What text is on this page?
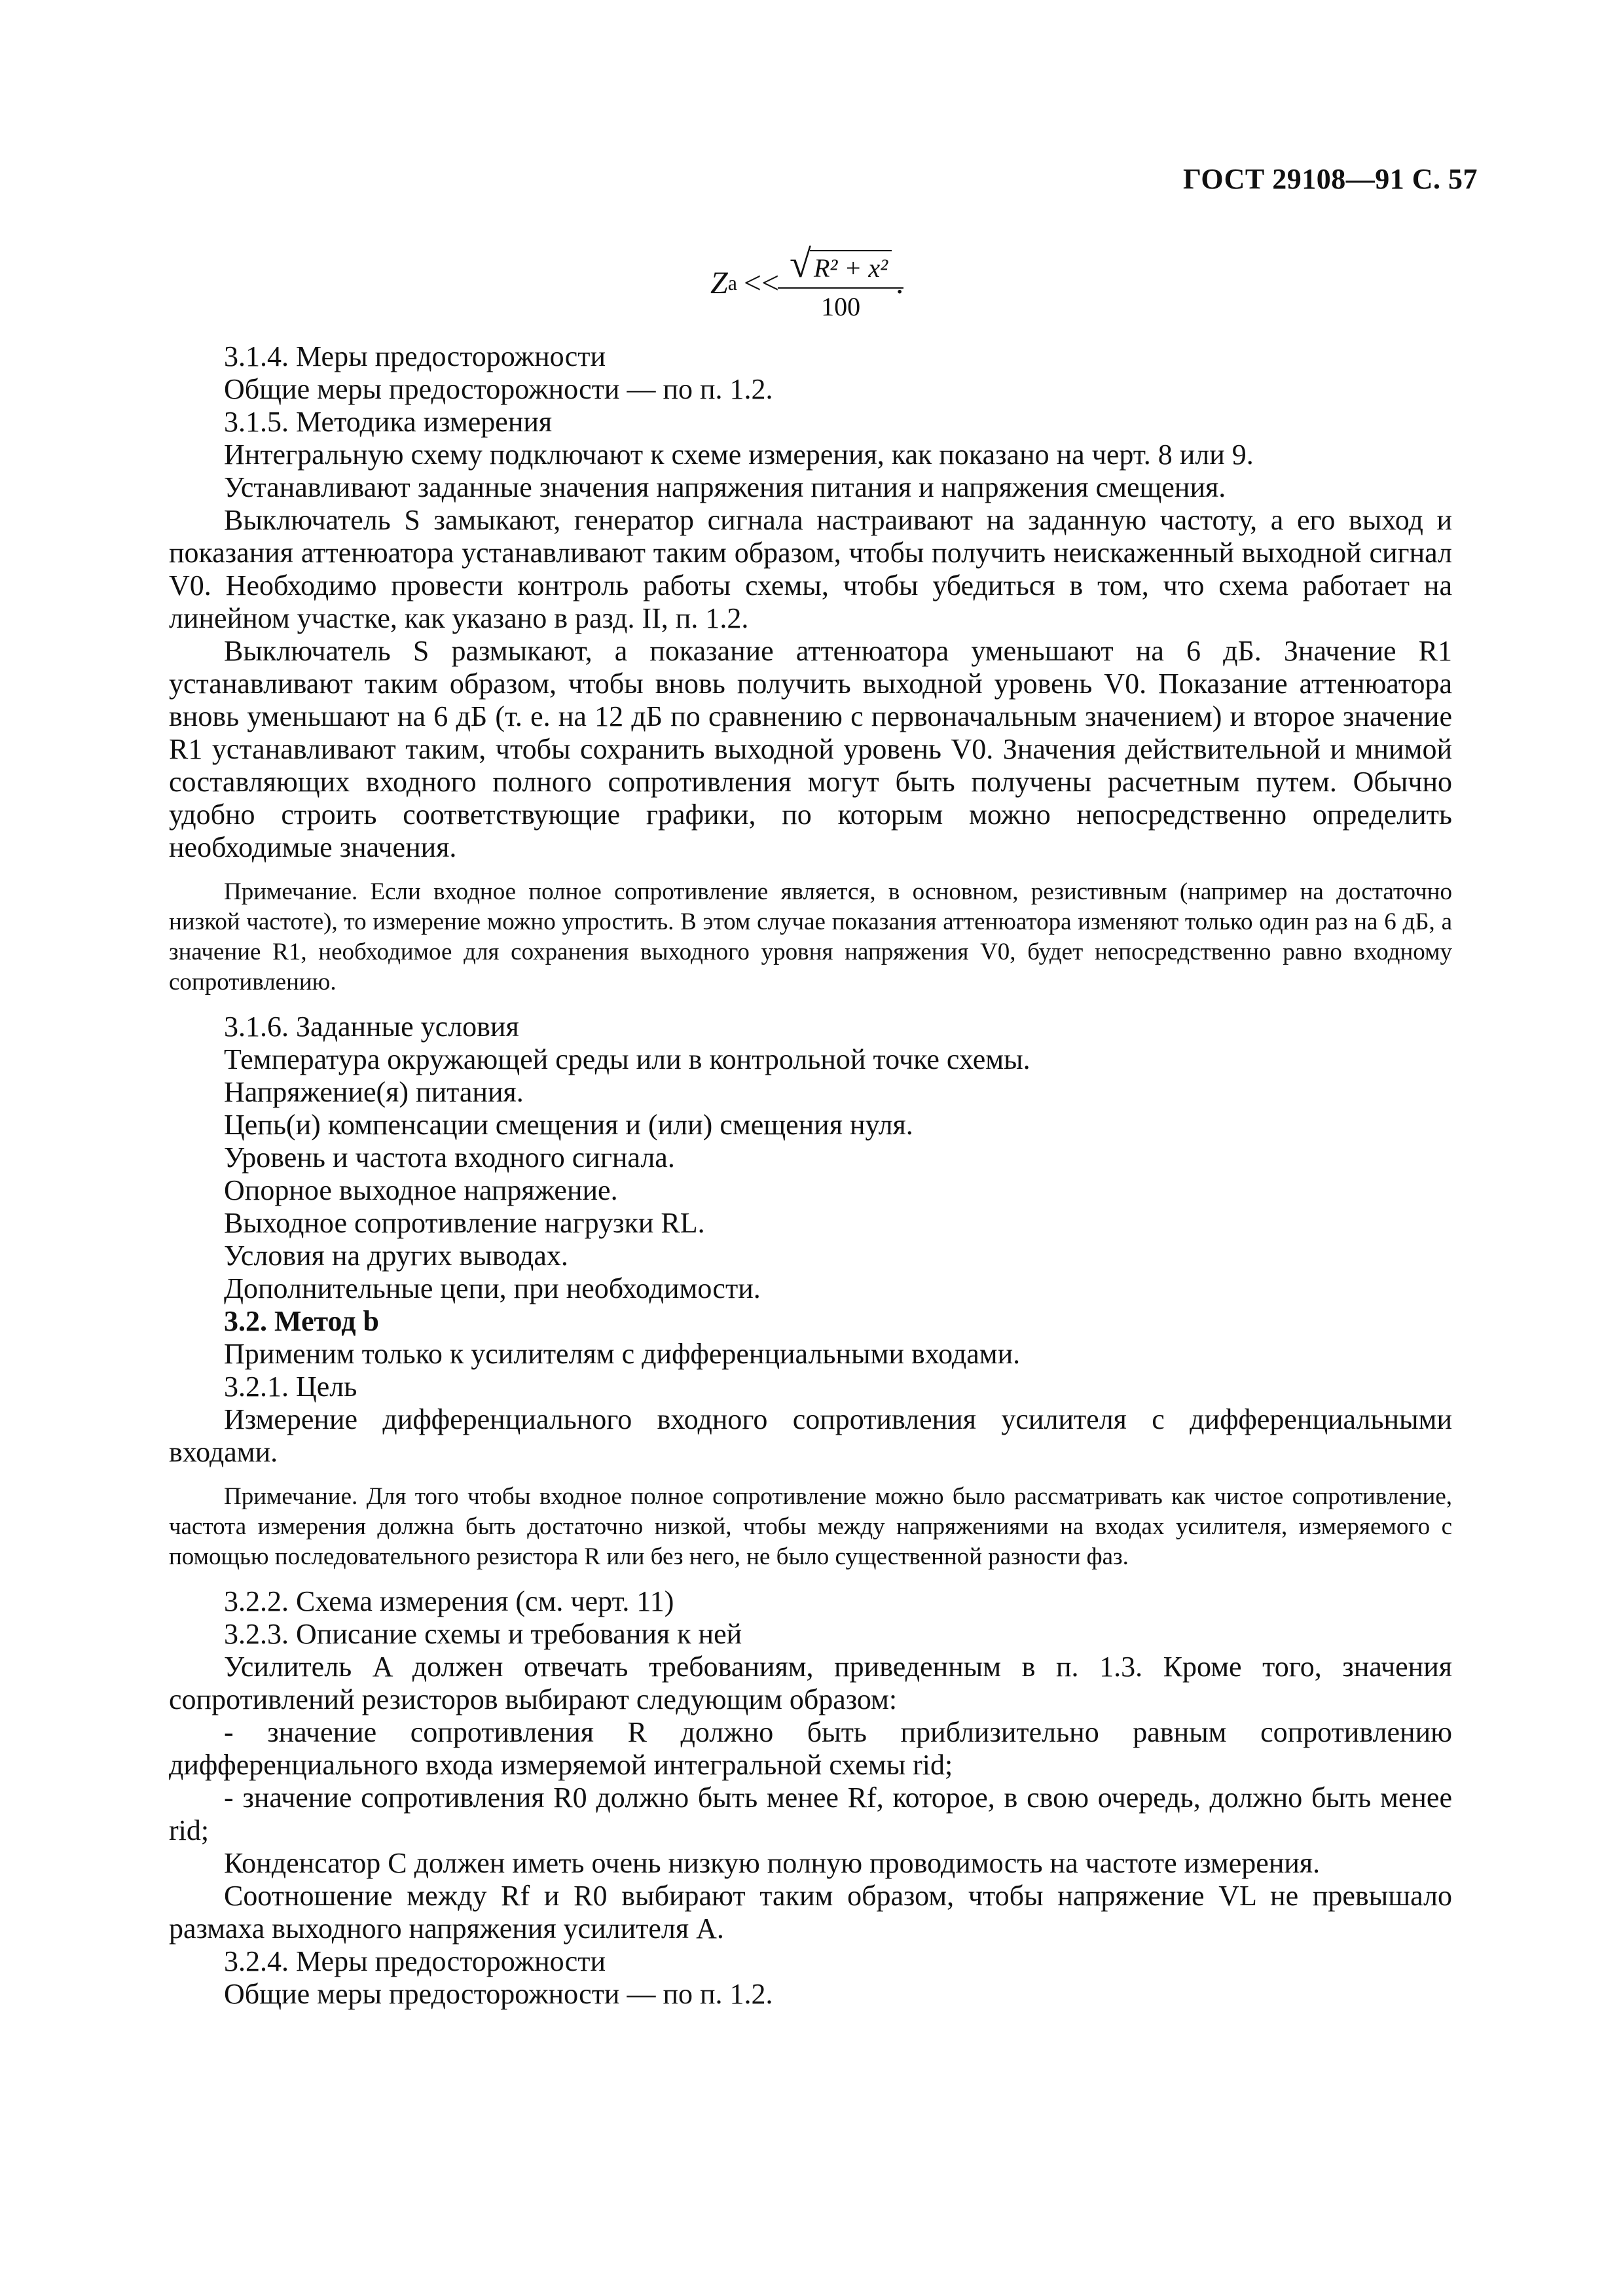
ГОСТ 29108—91 С. 57
Z $а << \frac{\text{√ R² + x²}}{100}$ .

3.1.4. Меры предосторожности

Общие меры предосторожности — по п. 1.2.

3.1.5. Методика измерения

Интегральную схему подключают к схеме измерения, как показано на черт. 8 или 9.

Устанавливают заданные значения напряжения питания и напряжения смещения.

Выключатель S замыкают, генератор сигнала настраивают на заданную частоту, а его выход и показания аттенюатора устанавливают таким образом, чтобы получить неискаженный выходной сигнал V0. Необходимо провести контроль работы схемы, чтобы убедиться в том, что схема работает на линейном участке, как указано в разд. II, п. 1.2.

Выключатель S размыкают, а показание аттенюатора уменьшают на 6 дБ. Значение R1 устанавливают таким образом, чтобы вновь получить выходной уровень V0. Показание аттенюатора вновь уменьшают на 6 дБ (т. е. на 12 дБ по сравнению с первоначальным значением) и второе значение R1 устанавливают таким, чтобы сохранить выходной уровень V0. Значения действительной и мнимой составляющих входного полного сопротивления могут быть получены расчетным путем. Обычно удобно строить соответствующие графики, по которым можно непосредственно определить необходимые значения.

Примечание. Если входное полное сопротивление является, в основном, резистивным (например на достаточно низкой частоте), то измерение можно упростить. В этом случае показания аттенюатора изменяют только один раз на 6 дБ, а значение R1, необходимое для сохранения выходного уровня напряжения V0, будет непосредственно равно входному сопротивлению.

3.1.6. Заданные условия

Температура окружающей среды или в контрольной точке схемы.

Напряжение(я) питания.

Цепь(и) компенсации смещения и (или) смещения нуля.

Уровень и частота входного сигнала.

Опорное выходное напряжение.

Выходное сопротивление нагрузки RL.

Условия на других выводах.

Дополнительные цепи, при необходимости.

3.2. Метод b

Применим только к усилителям с дифференциальными входами.

3.2.1. Цель

Измерение дифференциального входного сопротивления усилителя с дифференциальными входами.

Примечание. Для того чтобы входное полное сопротивление можно было рассматривать как чистое сопротивление, частота измерения должна быть достаточно низкой, чтобы между напряжениями на входах усилителя, измеряемого с помощью последовательного резистора R или без него, не было существенной разности фаз.

3.2.2. Схема измерения (см. черт. 11)

3.2.3. Описание схемы и требования к ней

Усилитель A должен отвечать требованиям, приведенным в п. 1.3. Кроме того, значения сопротивлений резисторов выбирают следующим образом:

- значение сопротивления R должно быть приблизительно равным сопротивлению дифференциального входа измеряемой интегральной схемы rid;

- значение сопротивления R0 должно быть менее Rf, которое, в свою очередь, должно быть менее rid;

Конденсатор C должен иметь очень низкую полную проводимость на частоте измерения.

Соотношение между Rf и R0 выбирают таким образом, чтобы напряжение VL не превышало размаха выходного напряжения усилителя A.

3.2.4. Меры предосторожности

Общие меры предосторожности — по п. 1.2.
